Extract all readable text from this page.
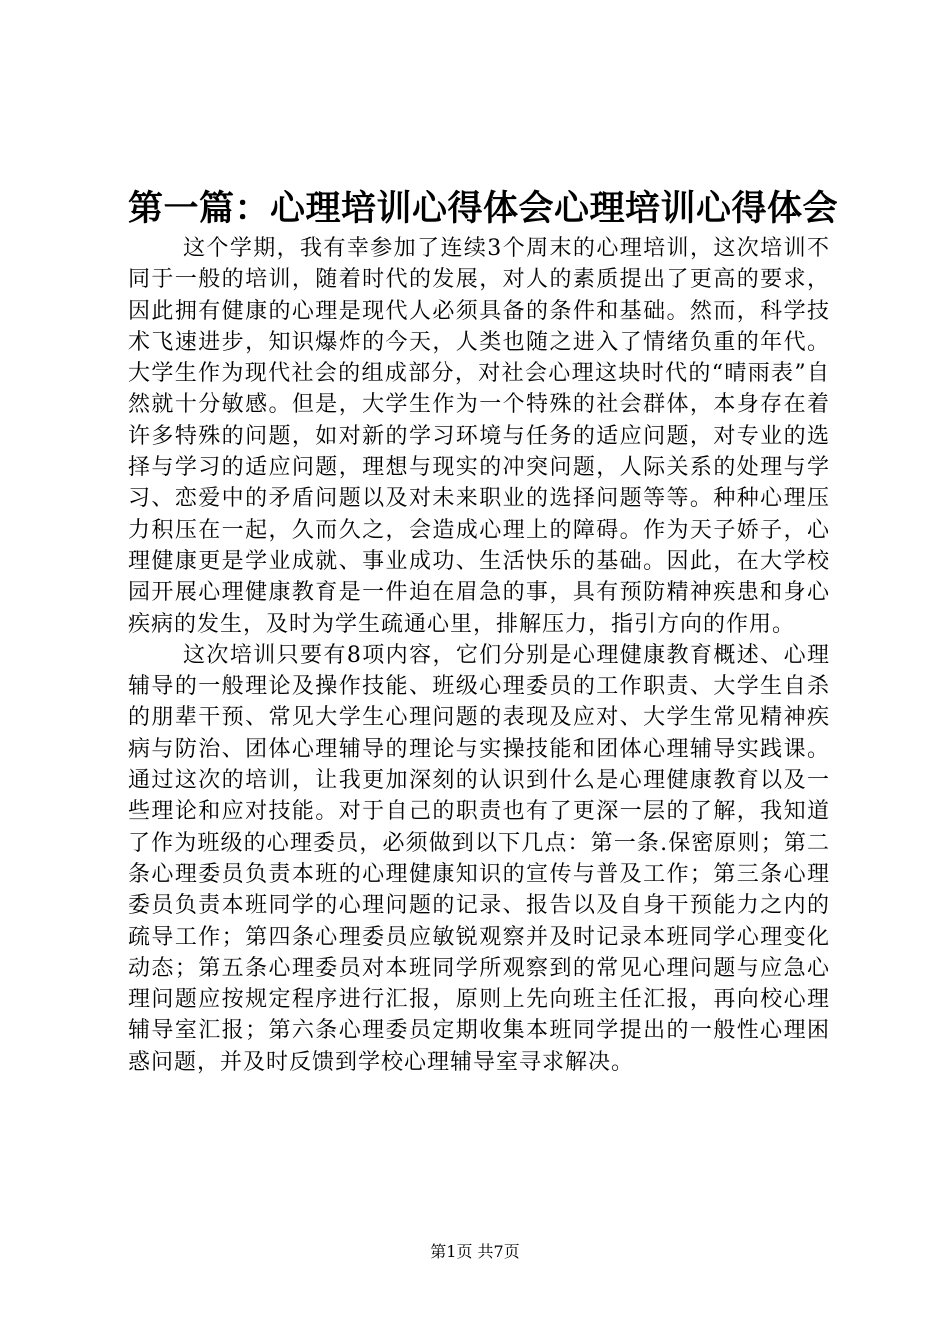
第一篇：心理培训心得体会心理培训心得体会

这个学期，我有幸参加了连续3个周末的心理培训，这次培训不同于一般的培训，随着时代的发展，对人的素质提出了更高的要求，因此拥有健康的心理是现代人必须具备的条件和基础。然而，科学技术飞速进步，知识爆炸的今天，人类也随之进入了情绪负重的年代。大学生作为现代社会的组成部分，对社会心理这块时代的“晴雨表”自然就十分敏感。但是，大学生作为一个特殊的社会群体，本身存在着许多特殊的问题，如对新的学习环境与任务的适应问题，对专业的选择与学习的适应问题，理想与现实的冲突问题，人际关系的处理与学习、恋爱中的矛盾问题以及对未来职业的选择问题等等。种种心理压力积压在一起，久而久之，会造成心理上的障碍。作为天子娇子，心理健康更是学业成就、事业成功、生活快乐的基础。因此，在大学校园开展心理健康教育是一件迫在眉急的事，具有预防精神疾患和身心疾病的发生，及时为学生疏通心里，排解压力，指引方向的作用。

这次培训只要有8项内容，它们分别是心理健康教育概述、心理辅导的一般理论及操作技能、班级心理委员的工作职责、大学生自杀的朋辈干预、常见大学生心理问题的表现及应对、大学生常见精神疾病与防治、团体心理辅导的理论与实操技能和团体心理辅导实践课。通过这次的培训，让我更加深刻的认识到什么是心理健康教育以及一些理论和应对技能。对于自己的职责也有了更深一层的了解，我知道了作为班级的心理委员，必须做到以下几点：第一条.保密原则；第二条心理委员负责本班的心理健康知识的宣传与普及工作；第三条心理委员负责本班同学的心理问题的记录、报告以及自身干预能力之内的疏导工作；第四条心理委员应敏锐观察并及时记录本班同学心理变化动态；第五条心理委员对本班同学所观察到的常见心理问题与应急心理问题应按规定程序进行汇报，原则上先向班主任汇报，再向校心理辅导室汇报；第六条心理委员定期收集本班同学提出的一般性心理困惑问题，并及时反馈到学校心理辅导室寻求解决。

第1页 共7页
